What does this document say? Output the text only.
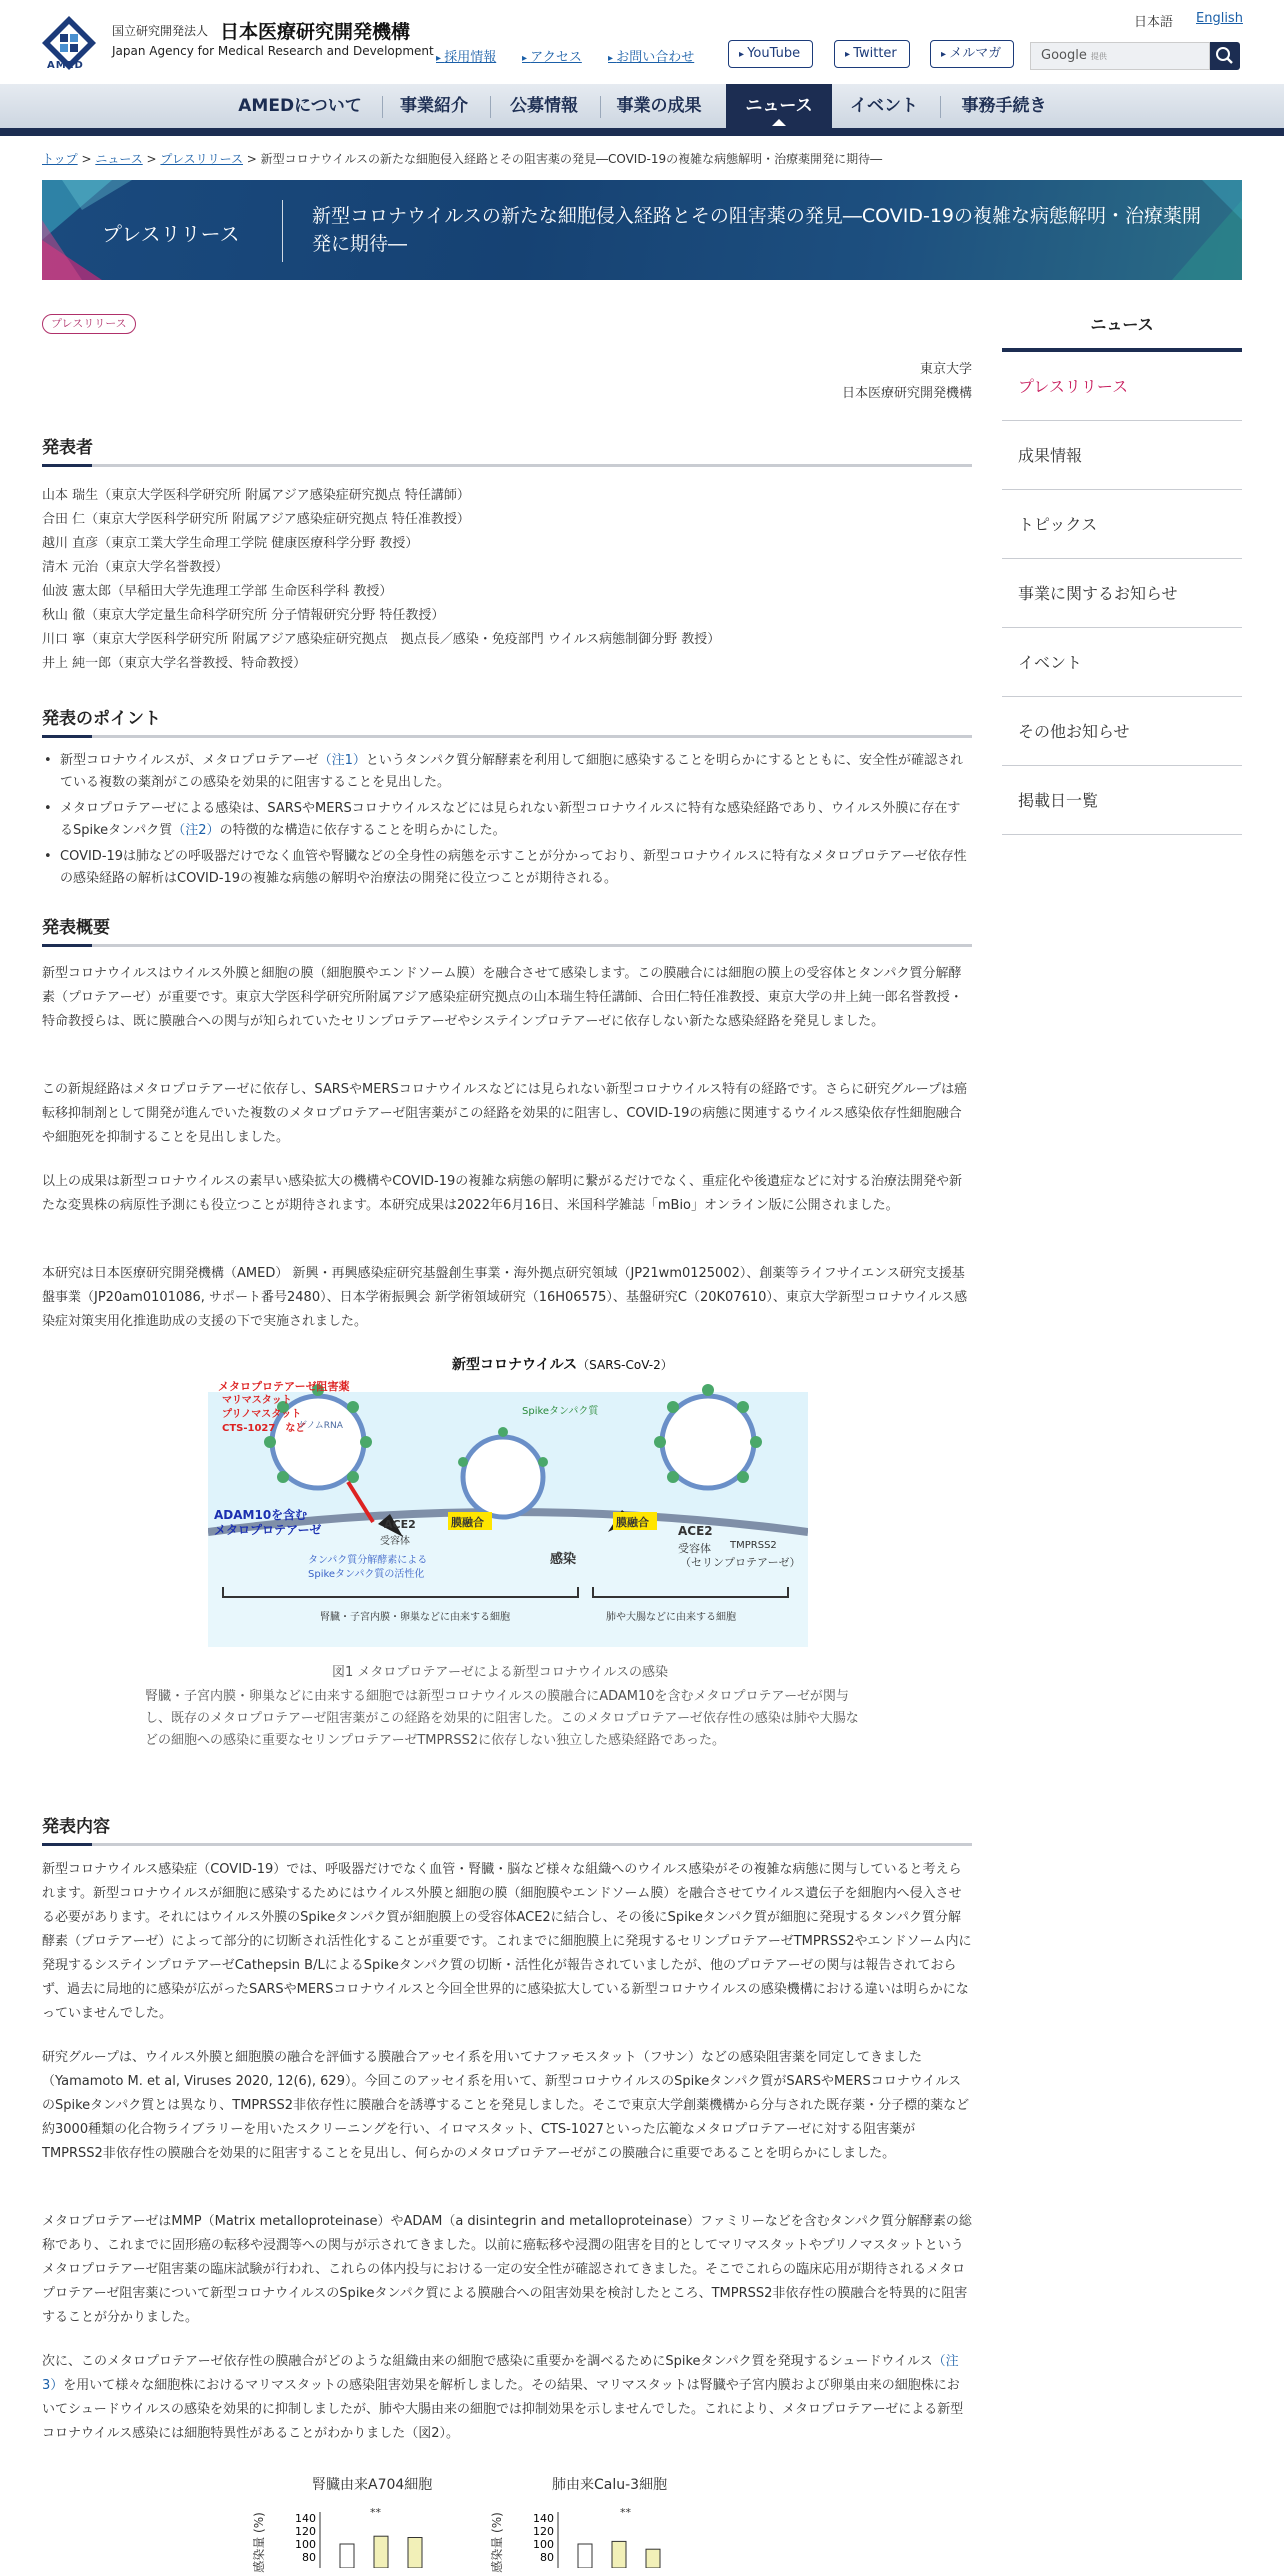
AMED
国立研究開発法人 日本医療研究開発機構
Japan Agency for Medical Research and Development
日本語 English
▸ 採用情報	▸ アクセス	▸ お問い合わせ	▸ YouTube	▸ Twitter	▸ メルマガ	Google 提供
AMEDについて	事業紹介	公募情報	事業の成果	ニュース	イベント	事務手続き
トップ > ニュース > プレスリリース > 新型コロナウイルスの新たな細胞侵入経路とその阻害薬の発見―COVID-19の複雑な病態解明・治療薬開発に期待―
プレスリリース
新型コロナウイルスの新たな細胞侵入経路とその阻害薬の発見―COVID-19の複雑な病態解明・治療薬開発に期待―
プレスリリース
東京大学
日本医療研究開発機構
発表者
山本 瑞生（東京大学医科学研究所 附属アジア感染症研究拠点 特任講師）
合田 仁（東京大学医科学研究所 附属アジア感染症研究拠点 特任准教授）
越川 直彦（東京工業大学生命理工学院 健康医療科学分野 教授）
清木 元治（東京大学名誉教授）
仙波 憲太郎（早稲田大学先進理工学部 生命医科学科 教授）
秋山 徹（東京大学定量生命科学研究所 分子情報研究分野 特任教授）
川口 寧（東京大学医科学研究所 附属アジア感染症研究拠点　拠点長／感染・免疫部門 ウイルス病態制御分野 教授）
井上 純一郎（東京大学名誉教授、特命教授）
発表のポイント
• 新型コロナウイルスが、メタロプロテアーゼ（注1）というタンパク質分解酵素を利用して細胞に感染することを明らかにするとともに、安全性が確認されている複数の薬剤がこの感染を効果的に阻害することを見出した。
• メタロプロテアーゼによる感染は、SARSやMERSコロナウイルスなどには見られない新型コロナウイルスに特有な感染経路であり、ウイルス外膜に存在するSpikeタンパク質（注2）の特徴的な構造に依存することを明らかにした。
• COVID-19は肺などの呼吸器だけでなく血管や腎臓などの全身性の病態を示すことが分かっており、新型コロナウイルスに特有なメタロプロテアーゼ依存性の感染経路の解析はCOVID-19の複雑な病態の解明や治療法の開発に役立つことが期待される。
発表概要
新型コロナウイルスはウイルス外膜と細胞の膜（細胞膜やエンドソーム膜）を融合させて感染します。この膜融合には細胞の膜上の受容体とタンパク質分解酵素（プロテアーゼ）が重要です。東京大学医科学研究所附属アジア感染症研究拠点の山本瑞生特任講師、合田仁特任准教授、東京大学の井上純一郎名誉教授・特命教授らは、既に膜融合への関与が知られていたセリンプロテアーゼやシステインプロテアーゼに依存しない新たな感染経路を発見しました。
この新規経路はメタロプロテアーゼに依存し、SARSやMERSコロナウイルスなどには見られない新型コロナウイルス特有の経路です。さらに研究グループは癌転移抑制剤として開発が進んでいた複数のメタロプロテアーゼ阻害薬がこの経路を効果的に阻害し、COVID-19の病態に関連するウイルス感染依存性細胞融合や細胞死を抑制することを見出しました。
以上の成果は新型コロナウイルスの素早い感染拡大の機構やCOVID-19の複雑な病態の解明に繋がるだけでなく、重症化や後遺症などに対する治療法開発や新たな変異株の病原性予測にも役立つことが期待されます。本研究成果は2022年6月16日、米国科学雑誌「mBio」オンライン版に公開されました。
本研究は日本医療研究開発機構（AMED） 新興・再興感染症研究基盤創生事業・海外拠点研究領域（JP21wm0125002）、創薬等ライフサイエンス研究支援基盤事業（JP20am0101086, サポート番号2480）、日本学術振興会 新学術領域研究（16H06575）、基盤研究C（20K07610）、東京大学新型コロナウイルス感染症対策実用化推進助成の支援の下で実施されました。
新型コロナウイルス（SARS-CoV-2）
メタロプロテアーゼ阻害薬
マリマスタット
プリノマスタット
CTS-1027　など
Spikeタンパク質
ゲノムRNA
ADAM10を含む
メタロプロテアーゼ	ACE2
受容体
膜融合	膜融合
感染
ACE2
受容体 TMPRSS2
（セリンプロテアーゼ）
タンパク質分解酵素による
Spikeタンパク質の活性化
腎臓・子宮内膜・卵巣などに由来する細胞	肺や大腸などに由来する細胞
図1 メタロプロテアーゼによる新型コロナウイルスの感染
腎臓・子宮内膜・卵巣などに由来する細胞では新型コロナウイルスの膜融合にADAM10を含むメタロプロテアーゼが関与し、既存のメタロプロテアーゼ阻害薬がこの経路を効果的に阻害した。このメタロプロテアーゼ依存性の感染は肺や大腸などの細胞への感染に重要なセリンプロテアーゼTMPRSS2に依存しない独立した感染経路であった。
発表内容
新型コロナウイルス感染症（COVID-19）では、呼吸器だけでなく血管・腎臓・脳など様々な組織へのウイルス感染がその複雑な病態に関与していると考えられます。新型コロナウイルスが細胞に感染するためにはウイルス外膜と細胞の膜（細胞膜やエンドソーム膜）を融合させてウイルス遺伝子を細胞内へ侵入させる必要があります。それにはウイルス外膜のSpikeタンパク質が細胞膜上の受容体ACE2に結合し、その後にSpikeタンパク質が細胞に発現するタンパク質分解酵素（プロテアーゼ）によって部分的に切断され活性化することが重要です。これまでに細胞膜上に発現するセリンプロテアーゼTMPRSS2やエンドソーム内に発現するシステインプロテアーゼCathepsin B/LによるSpikeタンパク質の切断・活性化が報告されていましたが、他のプロテアーゼの関与は報告されておらず、過去に局地的に感染が広がったSARSやMERSコロナウイルスと今回全世界的に感染拡大している新型コロナウイルスの感染機構における違いは明らかになっていませんでした。
研究グループは、ウイルス外膜と細胞膜の融合を評価する膜融合アッセイ系を用いてナファモスタット（フサン）などの感染阻害薬を同定してきました（Yamamoto M. et al, Viruses 2020, 12(6), 629）。今回このアッセイ系を用いて、新型コロナウイルスのSpikeタンパク質がSARSやMERSコロナウイルスのSpikeタンパク質とは異なり、TMPRSS2非依存性に膜融合を誘導することを発見しました。そこで東京大学創薬機構から分与された既存薬・分子標的薬など約3000種類の化合物ライブラリーを用いたスクリーニングを行い、イロマスタット、CTS-1027といった広範なメタロプロテアーゼに対する阻害薬がTMPRSS2非依存性の膜融合を効果的に阻害することを見出し、何らかのメタロプロテアーゼがこの膜融合に重要であることを明らかにしました。
メタロプロテアーゼはMMP（Matrix metalloproteinase）やADAM（a disintegrin and metalloproteinase）ファミリーなどを含むタンパク質分解酵素の総称であり、これまでに固形癌の転移や浸潤等への関与が示されてきました。以前に癌転移や浸潤の阻害を目的としてマリマスタットやプリノマスタットというメタロプロテアーゼ阻害薬の臨床試験が行われ、これらの体内投与における一定の安全性が確認されてきました。そこでこれらの臨床応用が期待されるメタロプロテアーゼ阻害薬について新型コロナウイルスのSpikeタンパク質による膜融合への阻害効果を検討したところ、TMPRSS2非依存性の膜融合を特異的に阻害することが分かりました。
次に、このメタロプロテアーゼ依存性の膜融合がどのような組織由来の細胞で感染に重要かを調べるためにSpikeタンパク質を発現するシュードウイルス（注3）を用いて様々な細胞株におけるマリマスタットの感染阻害効果を解析しました。その結果、マリマスタットは腎臓や子宮内膜および卵巣由来の細胞株においてシュードウイルスの感染を効果的に抑制しましたが、肺や大腸由来の細胞では抑制効果を示しませんでした。これにより、メタロプロテアーゼによる新型コロナウイルス感染には細胞特異性があることがわかりました（図2）。
腎臓由来A704細胞
感染量 (%)	**
140
120
100
80
肺由来Calu-3細胞
感染量 (%)	**
140
120
100
80
ニュース
プレスリリース
成果情報
トピックス
事業に関するお知らせ
イベント
その他お知らせ
掲載日一覧
